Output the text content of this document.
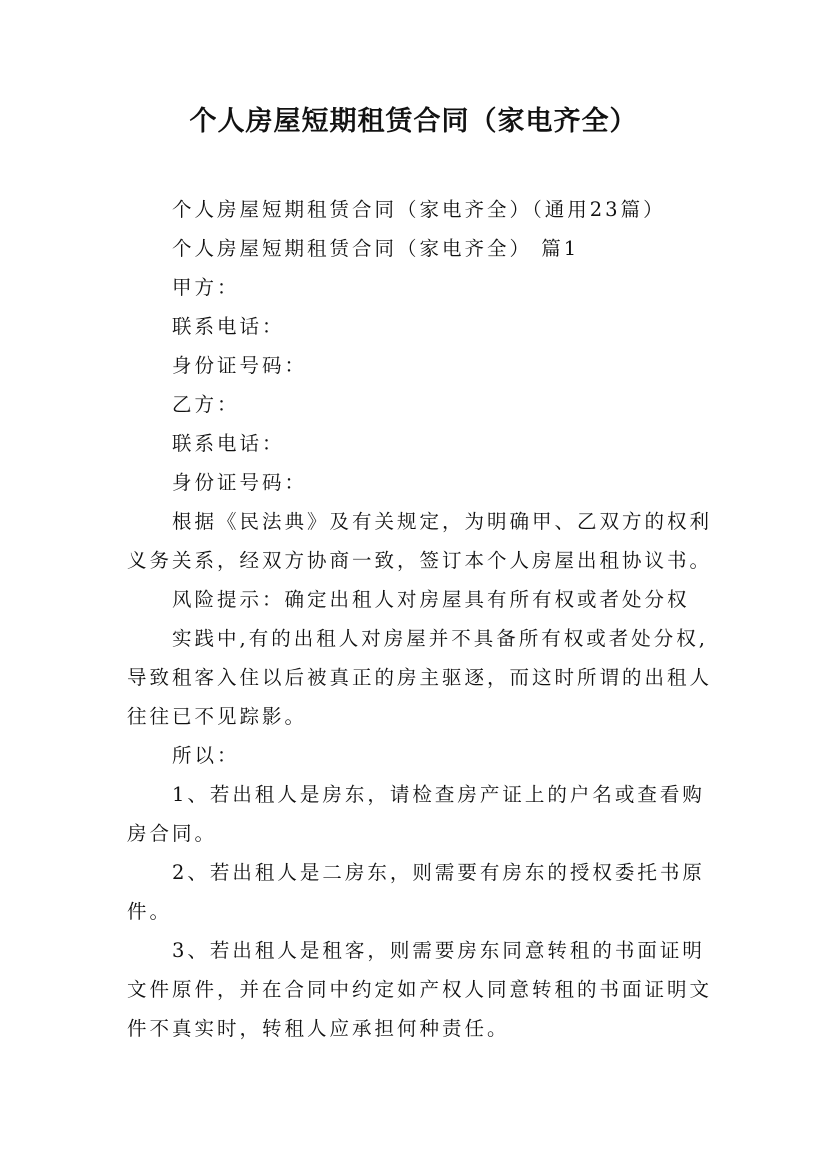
个人房屋短期租赁合同（家电齐全）

个人房屋短期租赁合同（家电齐全）（通用23篇）

个人房屋短期租赁合同（家电齐全） 篇1

甲方：

联系电话：

身份证号码：

乙方：

联系电话：

身份证号码：

根据《民法典》及有关规定，为明确甲、乙双方的权利

义务关系，经双方协商一致，签订本个人房屋出租协议书。

风险提示：确定出租人对房屋具有所有权或者处分权

实践中,有的出租人对房屋并不具备所有权或者处分权,

导致租客入住以后被真正的房主驱逐，而这时所谓的出租人

往往已不见踪影。

所以：

1、若出租人是房东，请检查房产证上的户名或查看购

房合同。

2、若出租人是二房东，则需要有房东的授权委托书原

件。

3、若出租人是租客，则需要房东同意转租的书面证明

文件原件，并在合同中约定如产权人同意转租的书面证明文

件不真实时，转租人应承担何种责任。
